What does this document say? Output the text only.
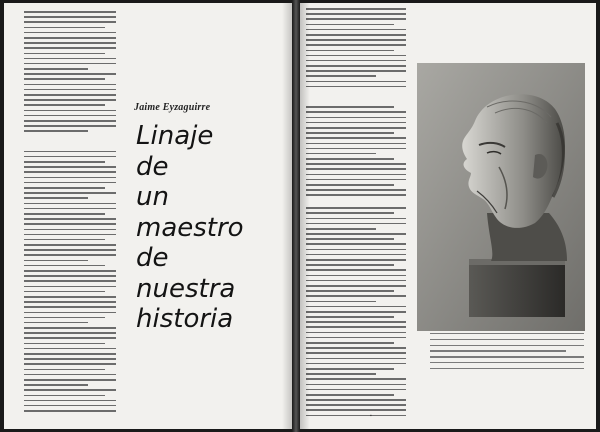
Jaime Eyzaguirre
Linaje
de
un
maestro
de
nuestra
historia
▪
